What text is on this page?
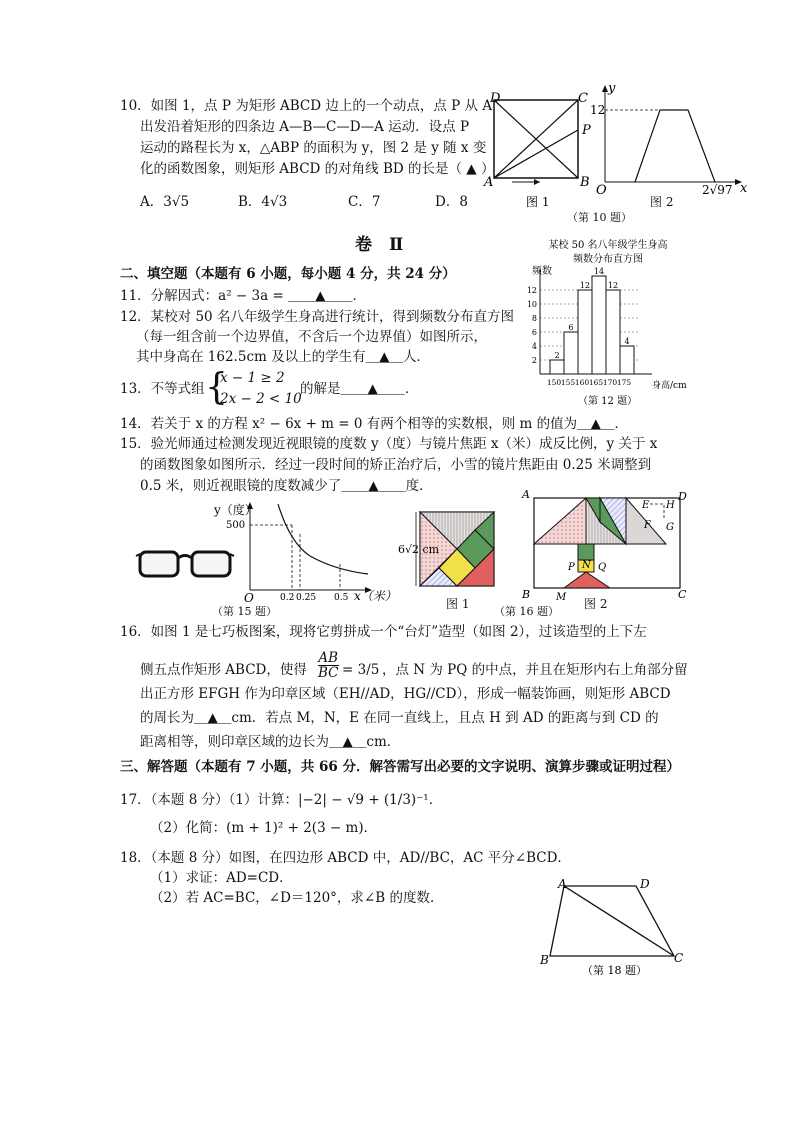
10．如图 1，点 P 为矩形 ABCD 边上的一个动点，点 P 从 A
出发沿着矩形的四条边 A—B—C—D—A 运动．设点 P
运动的路程长为 x，△ABP 的面积为 y，图 2 是 y 随 x 变
化的函数图象，则矩形 ABCD 的对角线 BD 的长是（ ▲ ）
A．3√5	B．4√3	C．7	D．8
D	C
A	B
P
图 1
y
12
O	2√97 x
图 2
（第 10 题）
卷　Ⅱ
二、填空题（本题有 6 小题，每小题 4 分，共 24 分）
11．分解因式：a² − 3a = ＿＿▲＿＿．
12．某校对 50 名八年级学生身高进行统计，得到频数分布直方图
（每一组含前一个边界值，不含后一个边界值）如图所示，
其中身高在 162.5cm 及以上的学生有＿▲＿人．
13．不等式组 {
x − 1 ≥ 2
2x − 2 < 10
的解是＿＿▲＿＿．
某校 50 名八年级学生身高
频数分布直方图
2
4
6
8
10
12
2
6
12
14
12
4
150 155 160 165 170 175
频数
身高/cm
（第 12 题）
14．若关于 x 的方程 x² − 6x + m = 0 有两个相等的实数根，则 m 的值为＿▲＿．
15．验光师通过检测发现近视眼镜的度数 y（度）与镜片焦距 x（米）成反比例，y 关于 x
的函数图象如图所示．经过一段时间的矫正治疗后，小雪的镜片焦距由 0.25 米调整到
0.5 米，则近视眼镜的度数减少了＿＿▲＿＿度．
y（度）
500
O	0.2 0.25 0.5 x（米）
（第 15 题）
6√2 cm
图 1
A	D
B	C
E H
G
F
N
P Q
M 图 2
（第 16 题）
16．如图 1 是七巧板图案，现将它剪拼成一个“台灯”造型（如图 2），过该造型的上下左
侧五点作矩形 ABCD，使得 $\frac{AB}{BC} = 3/5$ ，点 N 为 PQ 的中点，并且在矩形内右上角部分留
出正方形 EFGH 作为印章区域（EH//AD，HG//CD），形成一幅装饰画，则矩形 ABCD
的周长为＿▲＿cm．若点 M，N，E 在同一直线上，且点 H 到 AD 的距离与到 CD 的
距离相等，则印章区域的边长为＿▲＿cm．
三、解答题（本题有 7 小题，共 66 分．解答需写出必要的文字说明、演算步骤或证明过程）
17．（本题 8 分）（1）计算：|−2| − √9 + (1/3)⁻¹．
（2）化简：(m + 1)² + 2(3 − m)．
18．（本题 8 分）如图，在四边形 ABCD 中，AD//BC，AC 平分∠BCD．
（1）求证：AD=CD．
（2）若 AC=BC，∠D＝120°，求∠B 的度数．
A	D
B	C
（第 18 题）
